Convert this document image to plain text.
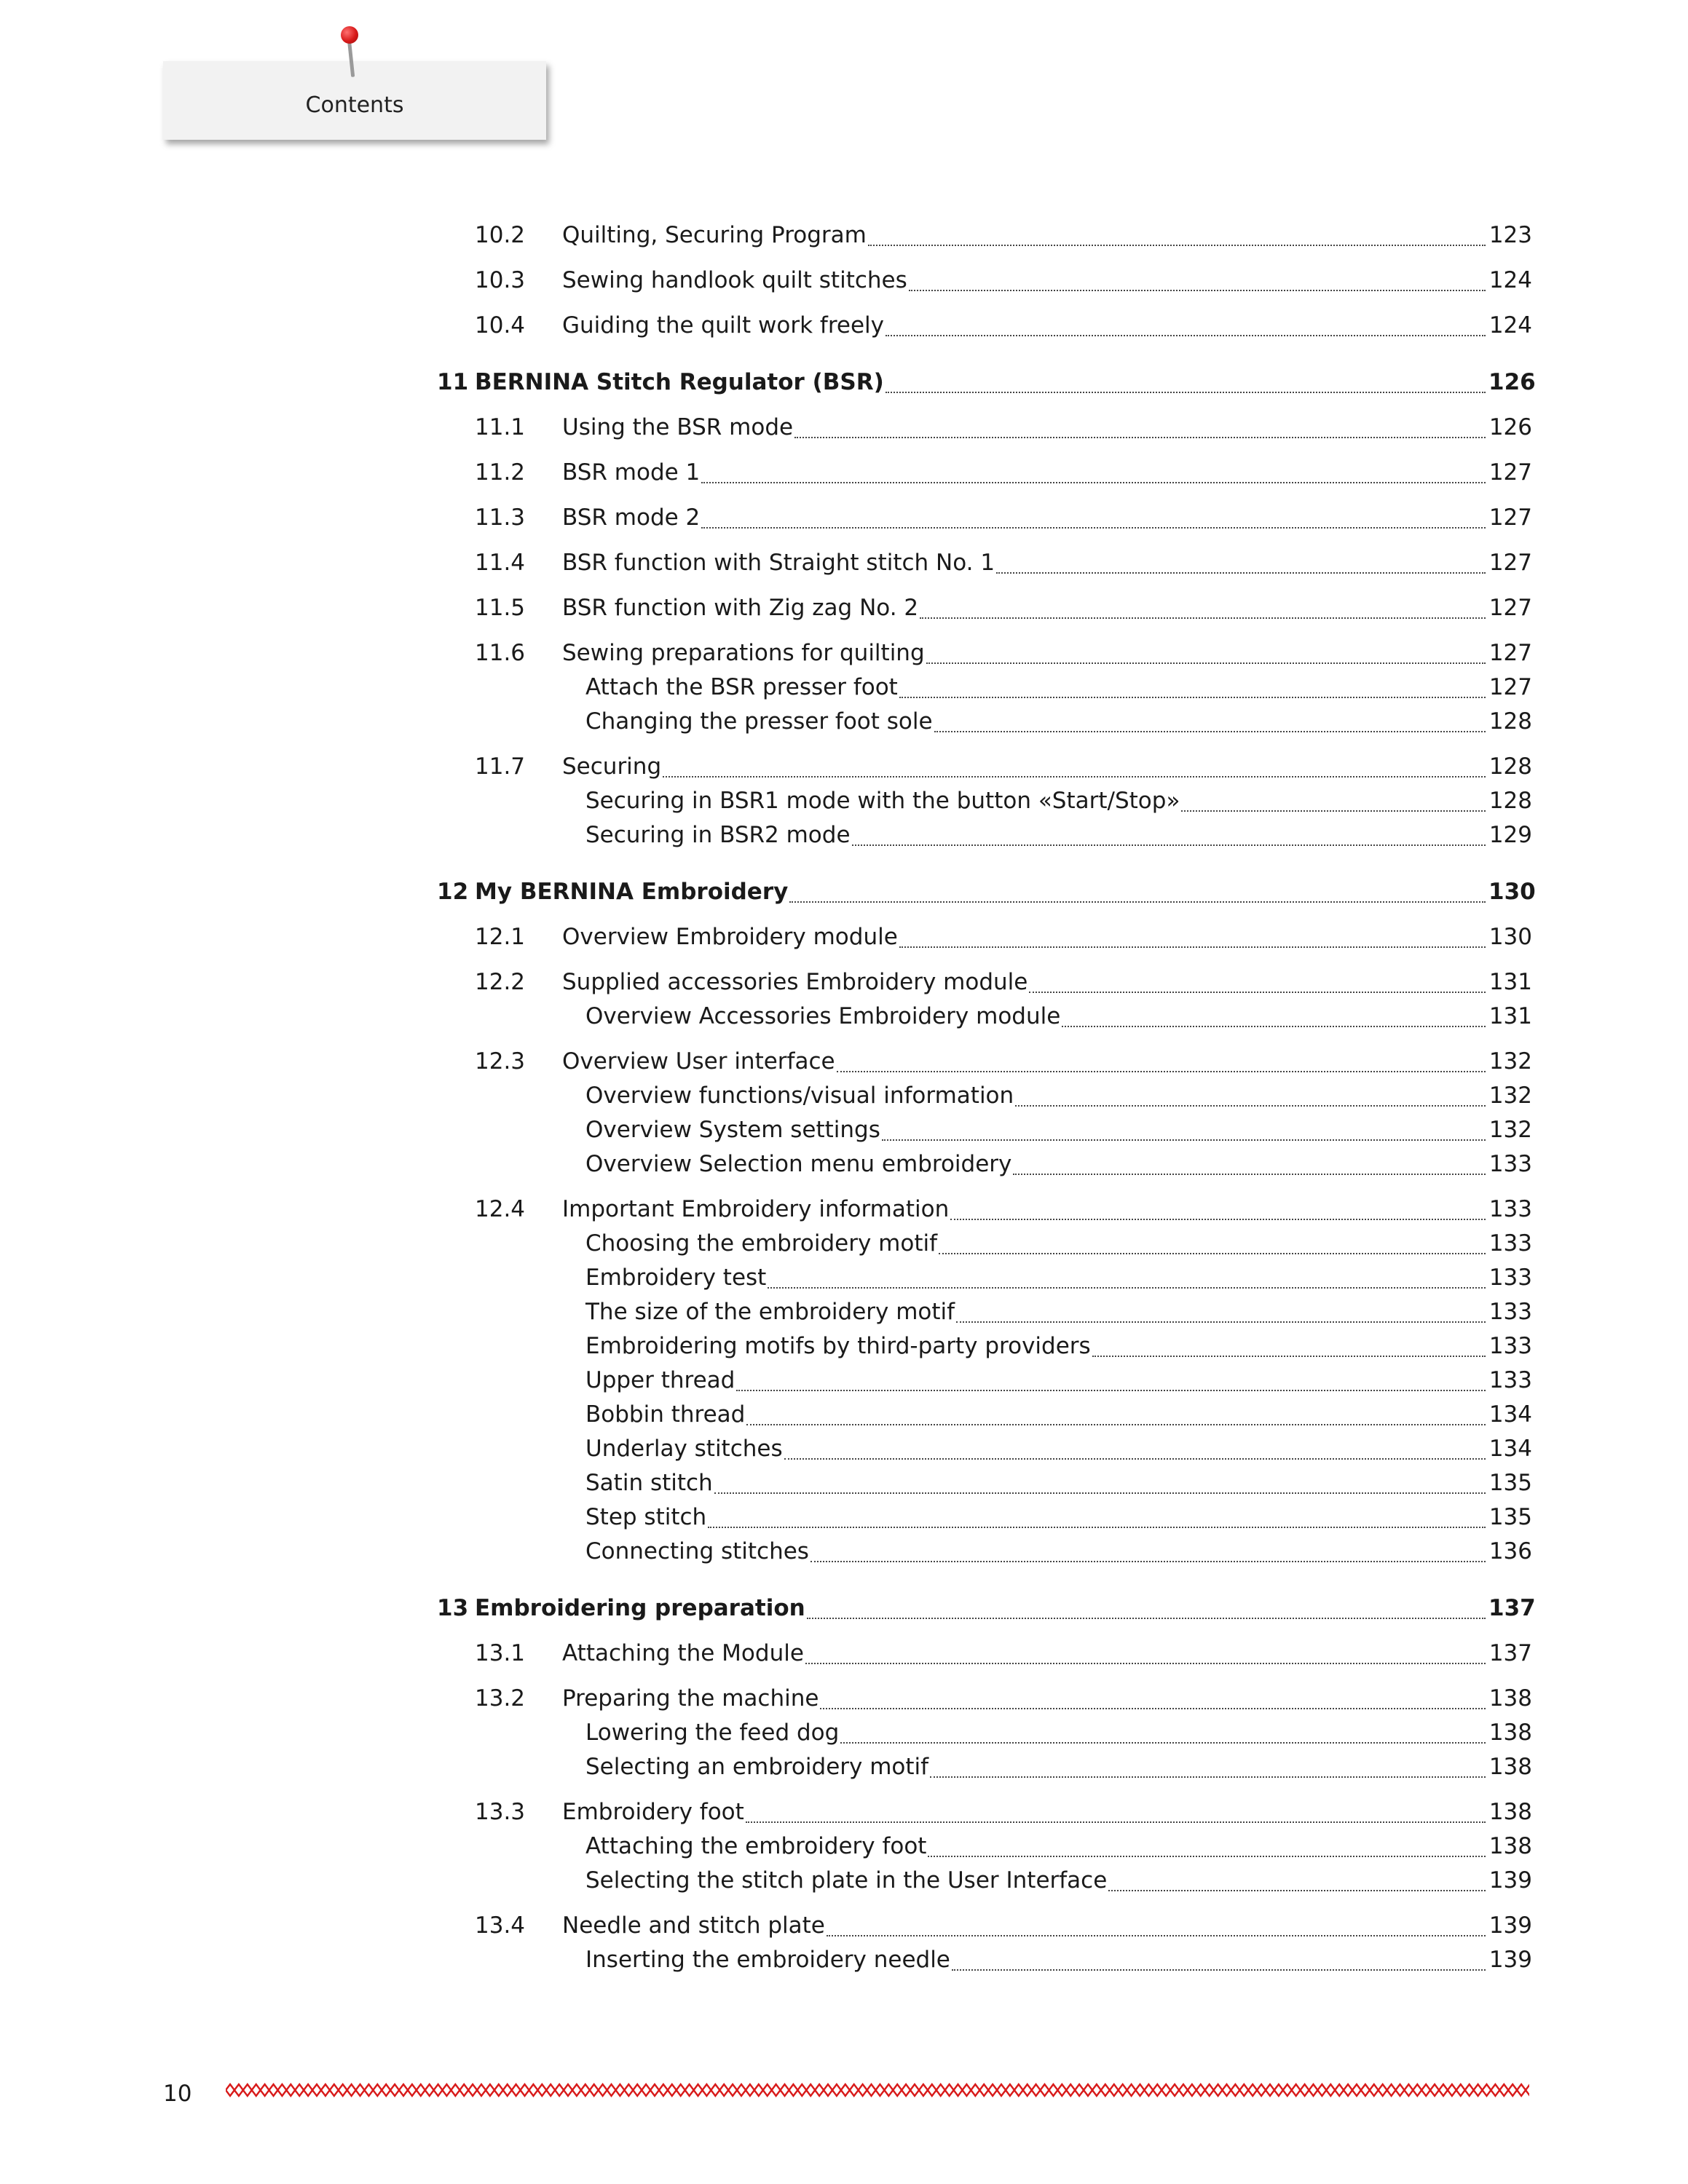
Contents
10.2	Quilting, Securing Program	123
10.3	Sewing handlook quilt stitches	124
10.4	Guiding the quilt work freely	124
11 BERNINA Stitch Regulator (BSR)	126
11.1	Using the BSR mode	126
11.2	BSR mode 1	127
11.3	BSR mode 2	127
11.4	BSR function with Straight stitch No. 1	127
11.5	BSR function with Zig zag No. 2	127
11.6	Sewing preparations for quilting	127
Attach the BSR presser foot	127
Changing the presser foot sole	128
11.7	Securing	128
Securing in BSR1 mode with the button «Start/Stop»	128
Securing in BSR2 mode	129
12 My BERNINA Embroidery	130
12.1	Overview Embroidery module	130
12.2	Supplied accessories Embroidery module	131
Overview Accessories Embroidery module	131
12.3	Overview User interface	132
Overview functions/visual information	132
Overview System settings	132
Overview Selection menu embroidery	133
12.4	Important Embroidery information	133
Choosing the embroidery motif	133
Embroidery test	133
The size of the embroidery motif	133
Embroidering motifs by third-party providers	133
Upper thread	133
Bobbin thread	134
Underlay stitches	134
Satin stitch	135
Step stitch	135
Connecting stitches	136
13 Embroidering preparation	137
13.1	Attaching the Module	137
13.2	Preparing the machine	138
Lowering the feed dog	138
Selecting an embroidery motif	138
13.3	Embroidery foot	138
Attaching the embroidery foot	138
Selecting the stitch plate in the User Interface	139
13.4	Needle and stitch plate	139
Inserting the embroidery needle	139
10
